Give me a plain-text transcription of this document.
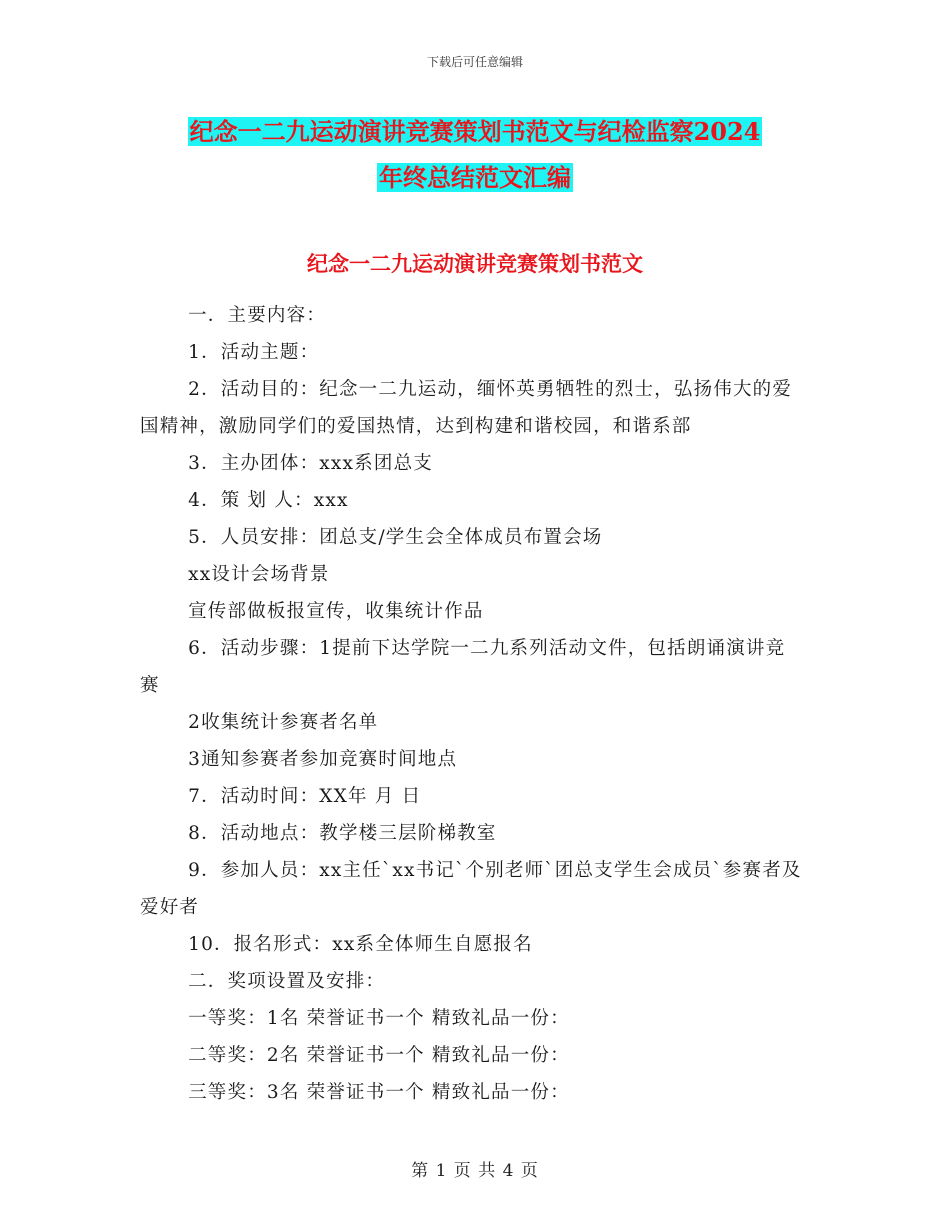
下载后可任意编辑
纪念一二九运动演讲竞赛策划书范文与纪检监察2024
年终总结范文汇编
纪念一二九运动演讲竞赛策划书范文

一．主要内容：

1．活动主题：

2．活动目的：纪念一二九运动，缅怀英勇牺牲的烈士，弘扬伟大的爱国精神，激励同学们的爱国热情，达到构建和谐校园，和谐系部

3．主办团体：xxx系团总支

4．策 划 人：xxx

5．人员安排：团总支/学生会全体成员布置会场

xx设计会场背景

宣传部做板报宣传，收集统计作品

6．活动步骤：1提前下达学院一二九系列活动文件，包括朗诵演讲竞赛

2收集统计参赛者名单

3通知参赛者参加竞赛时间地点

7．活动时间：XX年 月 日

8．活动地点：教学楼三层阶梯教室

9．参加人员：xx主任`xx书记`个别老师`团总支学生会成员`参赛者及爱好者

10．报名形式：xx系全体师生自愿报名

二．奖项设置及安排：

一等奖：1名 荣誉证书一个 精致礼品一份：

二等奖：2名 荣誉证书一个 精致礼品一份：

三等奖：3名 荣誉证书一个 精致礼品一份：

第 1 页 共 4 页
